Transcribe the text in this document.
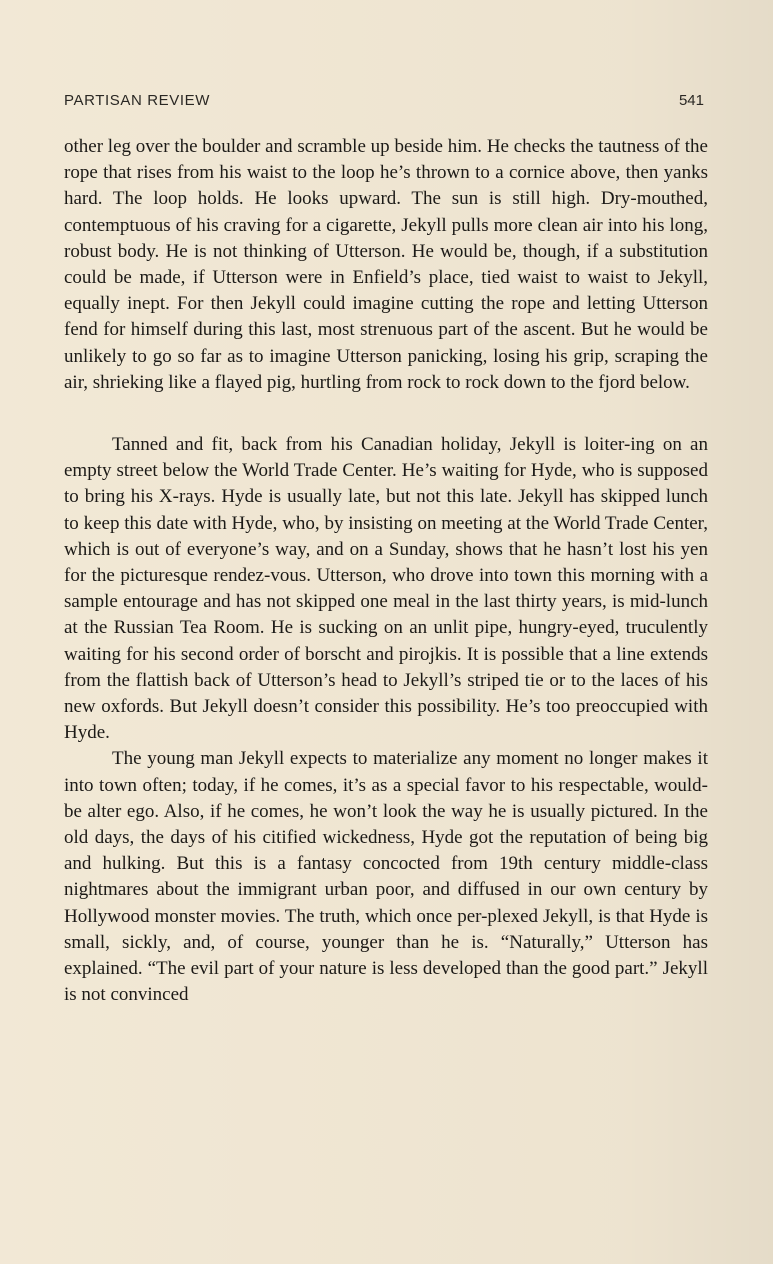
PARTISAN REVIEW	541

other leg over the boulder and scramble up beside him. He checks the tautness of the rope that rises from his waist to the loop he’s thrown to a cornice above, then yanks hard. The loop holds. He looks upward. The sun is still high. Dry-mouthed, contemptuous of his craving for a cigarette, Jekyll pulls more clean air into his long, robust body. He is not thinking of Utterson. He would be, though, if a substitution could be made, if Utterson were in Enfield’s place, tied waist to waist to Jekyll, equally inept. For then Jekyll could imagine cutting the rope and letting Utterson fend for himself during this last, most strenuous part of the ascent. But he would be unlikely to go so far as to imagine Utterson panicking, losing his grip, scraping the air, shrieking like a flayed pig, hurtling from rock to rock down to the fjord below.

Tanned and fit, back from his Canadian holiday, Jekyll is loiter-ing on an empty street below the World Trade Center. He’s waiting for Hyde, who is supposed to bring his X-rays. Hyde is usually late, but not this late. Jekyll has skipped lunch to keep this date with Hyde, who, by insisting on meeting at the World Trade Center, which is out of everyone’s way, and on a Sunday, shows that he hasn’t lost his yen for the picturesque rendez-vous. Utterson, who drove into town this morning with a sample entourage and has not skipped one meal in the last thirty years, is mid-lunch at the Russian Tea Room. He is sucking on an unlit pipe, hungry-eyed, truculently waiting for his second order of borscht and pirojkis. It is possible that a line extends from the flattish back of Utterson’s head to Jekyll’s striped tie or to the laces of his new oxfords. But Jekyll doesn’t consider this possibility. He’s too preoccupied with Hyde.

The young man Jekyll expects to materialize any moment no longer makes it into town often; today, if he comes, it’s as a special favor to his respectable, would-be alter ego. Also, if he comes, he won’t look the way he is usually pictured. In the old days, the days of his citified wickedness, Hyde got the reputation of being big and hulking. But this is a fantasy concocted from 19th century middle-class nightmares about the immigrant urban poor, and diffused in our own century by Hollywood monster movies. The truth, which once per-plexed Jekyll, is that Hyde is small, sickly, and, of course, younger than he is. “Naturally,” Utterson has explained. “The evil part of your nature is less developed than the good part.” Jekyll is not convinced
